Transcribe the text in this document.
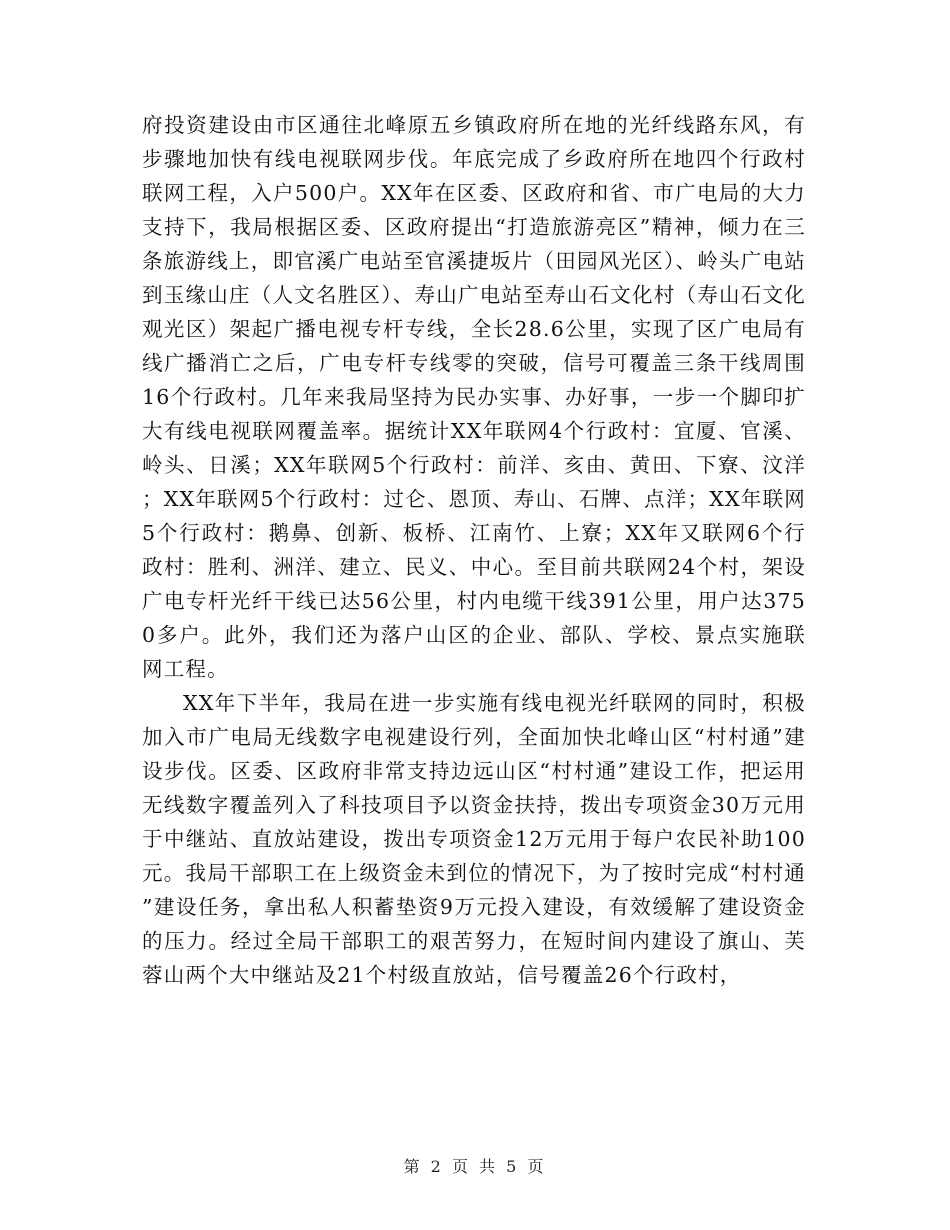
府投资建设由市区通往北峰原五乡镇政府所在地的光纤线路东风，有步骤地加快有线电视联网步伐。年底完成了乡政府所在地四个行政村联网工程，入户500户。XX年在区委、区政府和省、市广电局的大力支持下，我局根据区委、区政府提出“打造旅游亮区”精神，倾力在三条旅游线上，即官溪广电站至官溪捷坂片（田园风光区）、岭头广电站到玉缘山庄（人文名胜区）、寿山广电站至寿山石文化村（寿山石文化观光区）架起广播电视专杆专线，全长28.6公里，实现了区广电局有线广播消亡之后，广电专杆专线零的突破，信号可覆盖三条干线周围16个行政村。几年来我局坚持为民办实事、办好事，一步一个脚印扩大有线电视联网覆盖率。据统计XX年联网4个行政村：宜厦、官溪、岭头、日溪；XX年联网5个行政村：前洋、亥由、黄田、下寮、汶洋；XX年联网5个行政村：过仑、恩顶、寿山、石牌、点洋；XX年联网5个行政村：鹅鼻、创新、板桥、江南竹、上寮；XX年又联网6个行政村：胜利、洲洋、建立、民义、中心。至目前共联网24个村，架设广电专杆光纤干线已达56公里，村内电缆干线391公里，用户达3750多户。此外，我们还为落户山区的企业、部队、学校、景点实施联网工程。

XX年下半年，我局在进一步实施有线电视光纤联网的同时，积极加入市广电局无线数字电视建设行列，全面加快北峰山区“村村通”建设步伐。区委、区政府非常支持边远山区“村村通”建设工作，把运用无线数字覆盖列入了科技项目予以资金扶持，拨出专项资金30万元用于中继站、直放站建设，拨出专项资金12万元用于每户农民补助100元。我局干部职工在上级资金未到位的情况下，为了按时完成“村村通”建设任务，拿出私人积蓄垫资9万元投入建设，有效缓解了建设资金的压力。经过全局干部职工的艰苦努力，在短时间内建设了旗山、芙蓉山两个大中继站及21个村级直放站，信号覆盖26个行政村，

第 2 页 共 5 页
